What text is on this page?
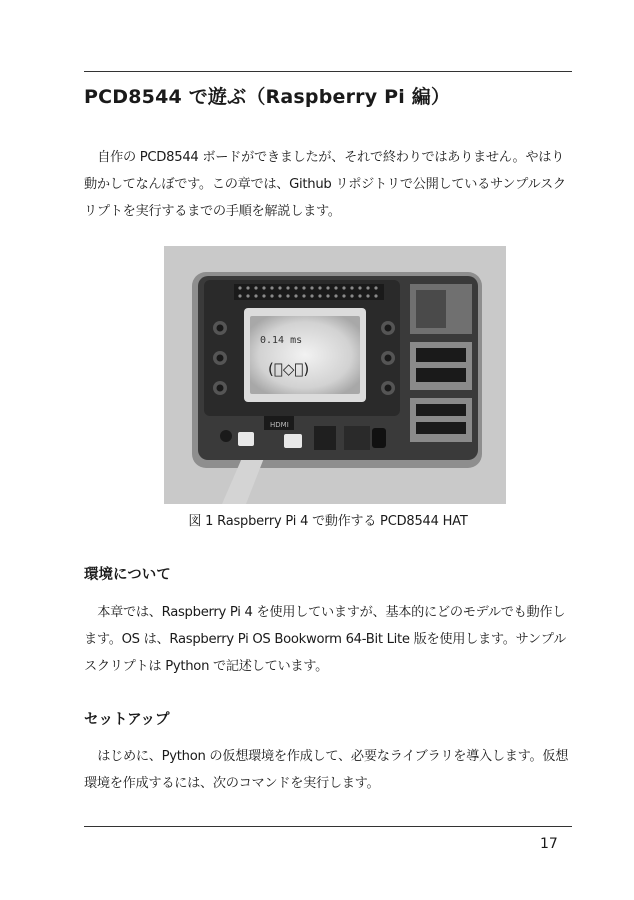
PCD8544 で遊ぶ（Raspberry Pi 編）

自作の PCD8544 ボードができましたが、それで終わりではありません。やはり動かしてなんぼです。この章では、Github リポジトリで公開しているサンプルスクリプトを実行するまでの手順を解説します。

0.14 ms
(ﾟ◇ﾟ)
HDMI
図 1 Raspberry Pi 4 で動作する PCD8544 HAT
環境について

本章では、Raspberry Pi 4 を使用していますが、基本的にどのモデルでも動作します。OS は、Raspberry Pi OS Bookworm 64-Bit Lite 版を使用します。サンプルスクリプトは Python で記述しています。

セットアップ

はじめに、Python の仮想環境を作成して、必要なライブラリを導入します。仮想環境を作成するには、次のコマンドを実行します。

17
